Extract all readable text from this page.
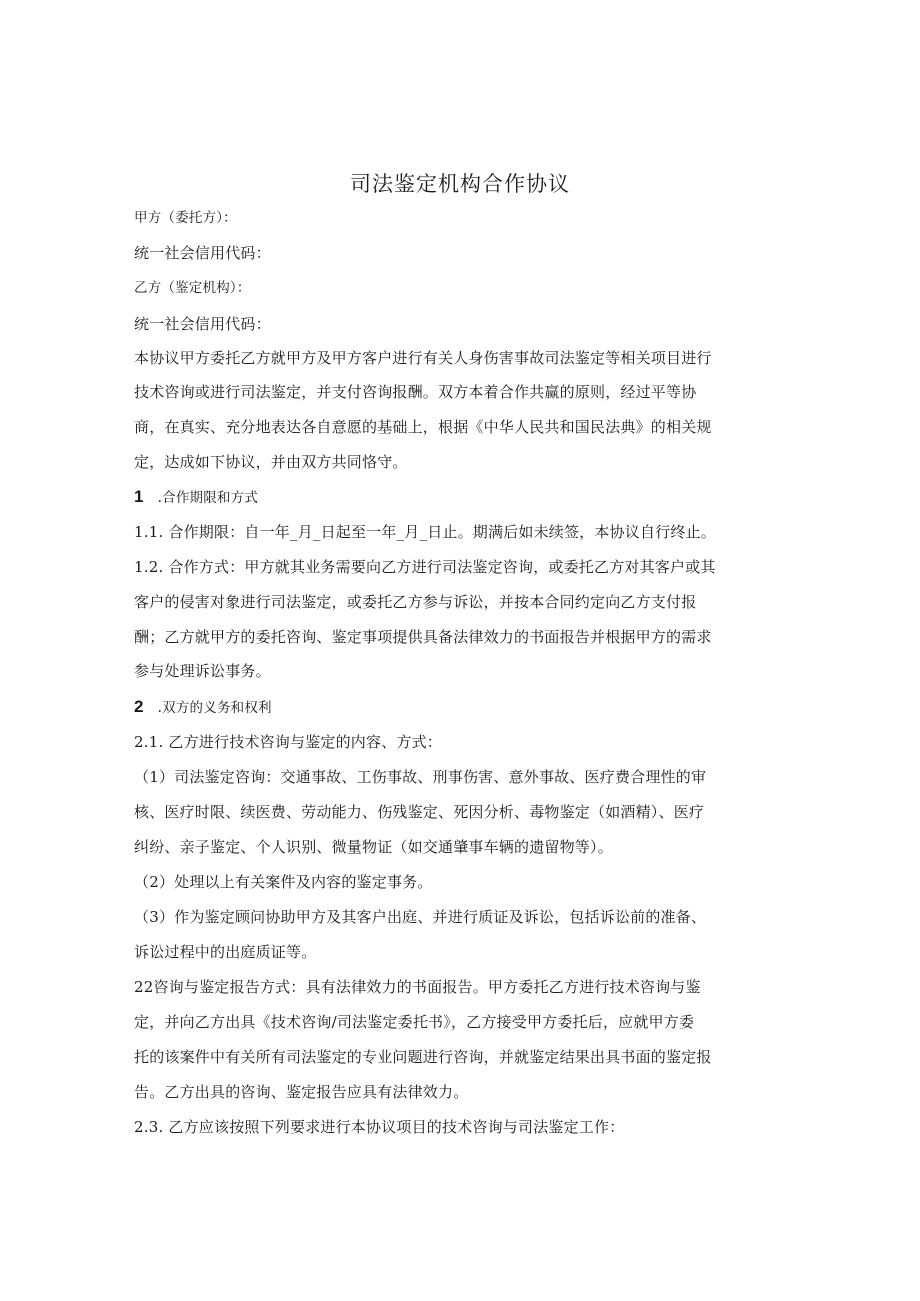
司法鉴定机构合作协议
甲方（委托方）：
统一社会信用代码：
乙方（鉴定机构）：
统一社会信用代码：
本协议甲方委托乙方就甲方及甲方客户进行有关人身伤害事故司法鉴定等相关项目进行
技术咨询或进行司法鉴定，并支付咨询报酬。双方本着合作共赢的原则，经过平等协
商，在真实、充分地表达各自意愿的基础上，根据《中华人民共和国民法典》的相关规
定，达成如下协议，并由双方共同恪守。
1 .合作期限和方式
1.1. 合作期限：自一年_月_日起至一年_月_日止。期满后如未续签，本协议自行终止。
1.2. 合作方式：甲方就其业务需要向乙方进行司法鉴定咨询，或委托乙方对其客户或其
客户的侵害对象进行司法鉴定，或委托乙方参与诉讼，并按本合同约定向乙方支付报
酬；乙方就甲方的委托咨询、鉴定事项提供具备法律效力的书面报告并根据甲方的需求
参与处理诉讼事务。
2 .双方的义务和权利
2.1. 乙方进行技术咨询与鉴定的内容、方式：
（1）司法鉴定咨询：交通事故、工伤事故、刑事伤害、意外事故、医疗费合理性的审
核、医疗时限、续医费、劳动能力、伤残鉴定、死因分析、毒物鉴定（如酒精）、医疗
纠纷、亲子鉴定、个人识别、微量物证（如交通肇事车辆的遗留物等）。
（2）处理以上有关案件及内容的鉴定事务。
（3）作为鉴定顾问协助甲方及其客户出庭、并进行质证及诉讼，包括诉讼前的准备、
诉讼过程中的出庭质证等。
22咨询与鉴定报告方式：具有法律效力的书面报告。甲方委托乙方进行技术咨询与鉴
定，并向乙方出具《技术咨询/司法鉴定委托书》，乙方接受甲方委托后，应就甲方委
托的该案件中有关所有司法鉴定的专业问题进行咨询，并就鉴定结果出具书面的鉴定报
告。乙方出具的咨询、鉴定报告应具有法律效力。
2.3. 乙方应该按照下列要求进行本协议项目的技术咨询与司法鉴定工作：
